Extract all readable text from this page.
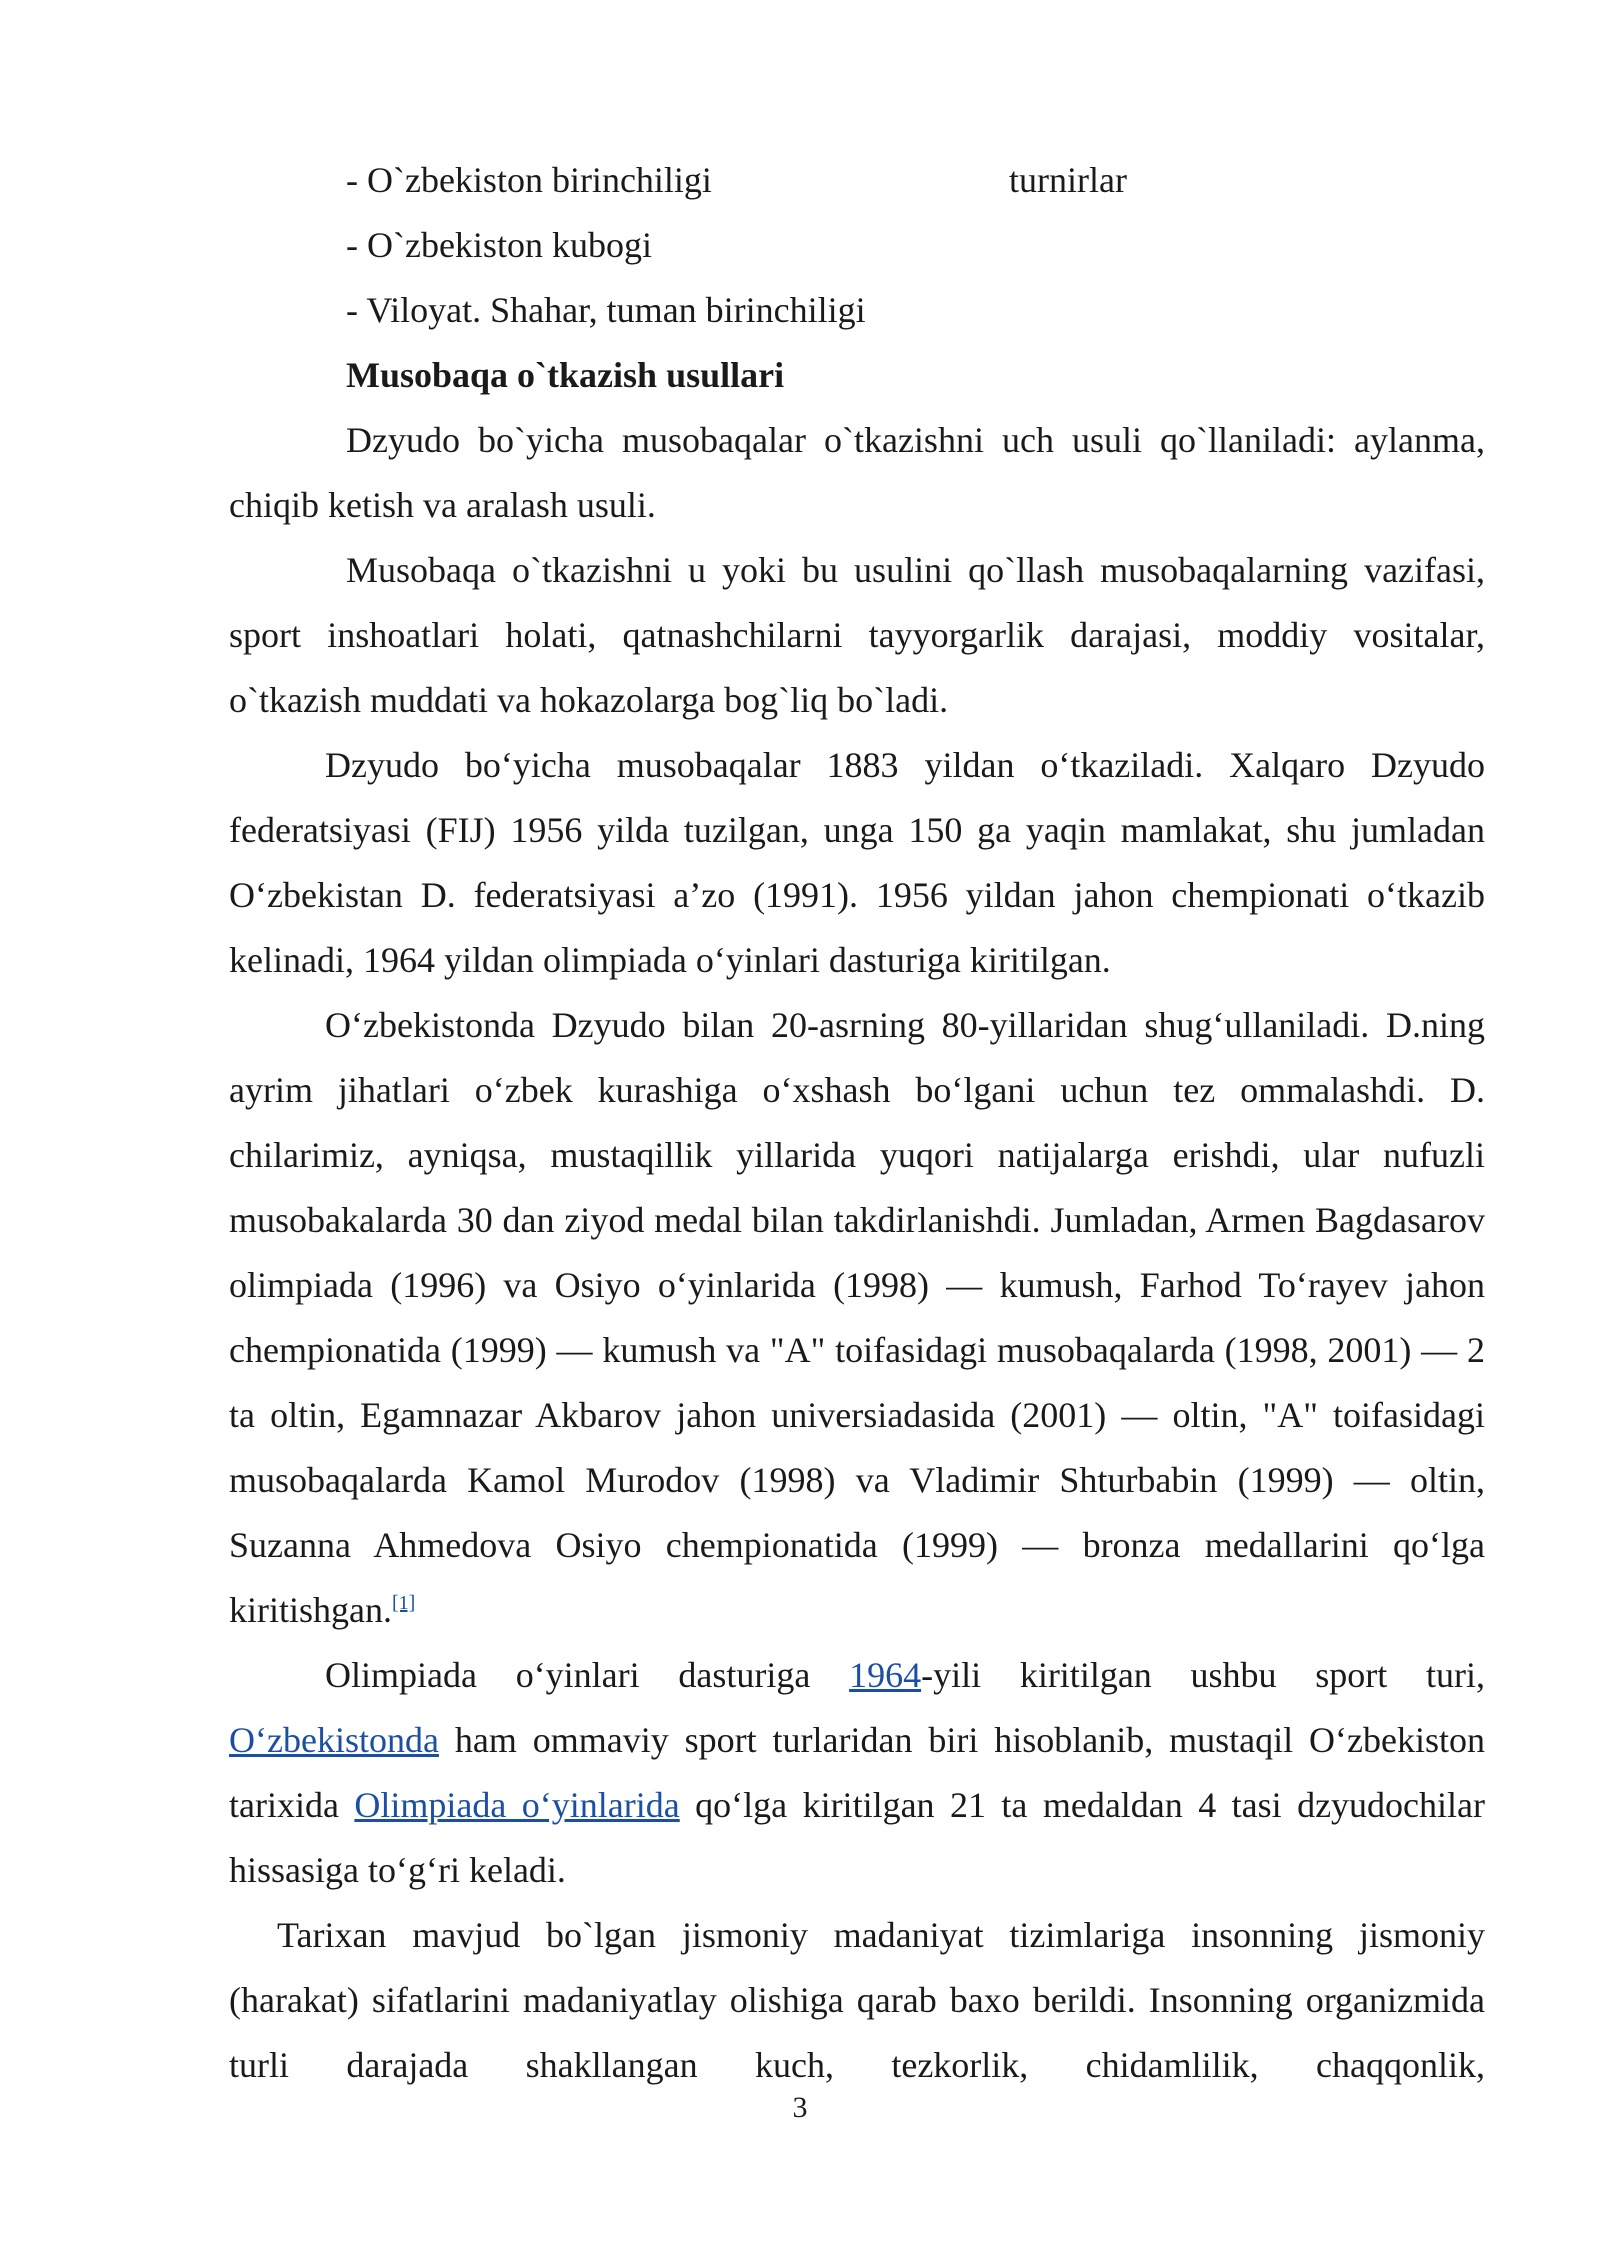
- O`zbekiston birinchiligi	turnirlar
- O`zbekiston kubogi
- Viloyat. Shahar, tuman birinchiligi
Musobaqa o`tkazish usullari

Dzyudo bo`yicha musobaqalar o`tkazishni uch usuli qo`llaniladi: aylanma, chiqib ketish va aralash usuli.

Musobaqa o`tkazishni u yoki bu usulini qo`llash musobaqalarning vazifasi, sport inshoatlari holati, qatnashchilarni tayyorgarlik darajasi, moddiy vositalar, o`tkazish muddati va hokazolarga bog`liq bo`ladi.

Dzyudo bo‘yicha musobaqalar 1883 yildan o‘tkaziladi. Xalqaro Dzyudo federatsiyasi (FIJ) 1956 yilda tuzilgan, unga 150 ga yaqin mamlakat, shu jumladan O‘zbekistan D. federatsiyasi a’zo (1991). 1956 yildan jahon chempionati o‘tkazib kelinadi, 1964 yildan olimpiada o‘yinlari dasturiga kiritilgan.

O‘zbekistonda Dzyudo bilan 20-asrning 80-yillaridan shug‘ullaniladi. D.ning ayrim jihatlari o‘zbek kurashiga o‘xshash bo‘lgani uchun tez ommalashdi. D. chilarimiz, ayniqsa, mustaqillik yillarida yuqori natijalarga erishdi, ular nufuzli musobakalarda 30 dan ziyod medal bilan takdirlanishdi. Jumladan, Armen Bagdasarov olimpiada (1996) va Osiyo o‘yinlarida (1998) — kumush, Farhod To‘rayev jahon chempionatida (1999) — kumush va "A" toifasidagi musobaqalarda (1998, 2001) — 2 ta oltin, Egamnazar Akbarov jahon universiadasida (2001) — oltin, "A" toifasidagi musobaqalarda Kamol Murodov (1998) va Vladimir Shturbabin (1999) — oltin, Suzanna Ahmedova Osiyo chempionatida (1999) — bronza medallarini qo‘lga kiritishgan.[1]

Olimpiada o‘yinlari dasturiga 1964-yili kiritilgan ushbu sport turi, O‘zbekistonda ham ommaviy sport turlaridan biri hisoblanib, mustaqil O‘zbekiston tarixida Olimpiada o‘yinlarida qo‘lga kiritilgan 21 ta medaldan 4 tasi dzyudochilar hissasiga to‘g‘ri keladi.

Tarixan mavjud bo`lgan jismoniy madaniyat tizimlariga insonning jismoniy (harakat) sifatlarini madaniyatlay olishiga qarab baxo berildi. Insonning organizmida turli darajada shakllangan kuch, tezkorlik, chidamlilik, chaqqonlik,

3
